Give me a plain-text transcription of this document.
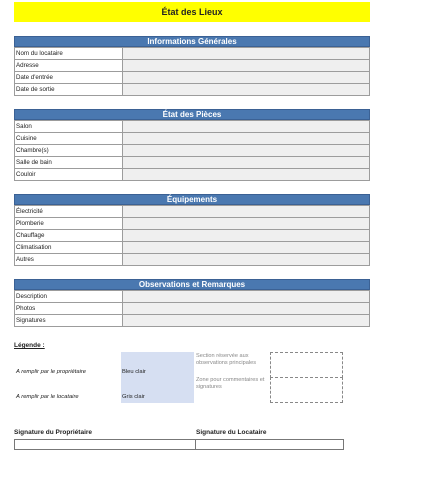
État des Lieux
Informations Générales
Nom du locataire	
Adresse	
Date d'entrée	
Date de sortie	
État des Pièces
Salon	
Cuisine	
Chambre(s)	
Salle de bain	
Couloir	
Équipements
Électricité	
Plomberie	
Chauffage	
Climatisation	
Autres	
Observations et Remarques
Description	
Photos	
Signatures	
Légende :
A remplir par le propriétaire	Bleu clair
A remplir par le locataire	Gris clair
Section réservée aux observations principales
Zone pour commentaires et signatures
Signature du Propriétaire	Signature du Locataire
